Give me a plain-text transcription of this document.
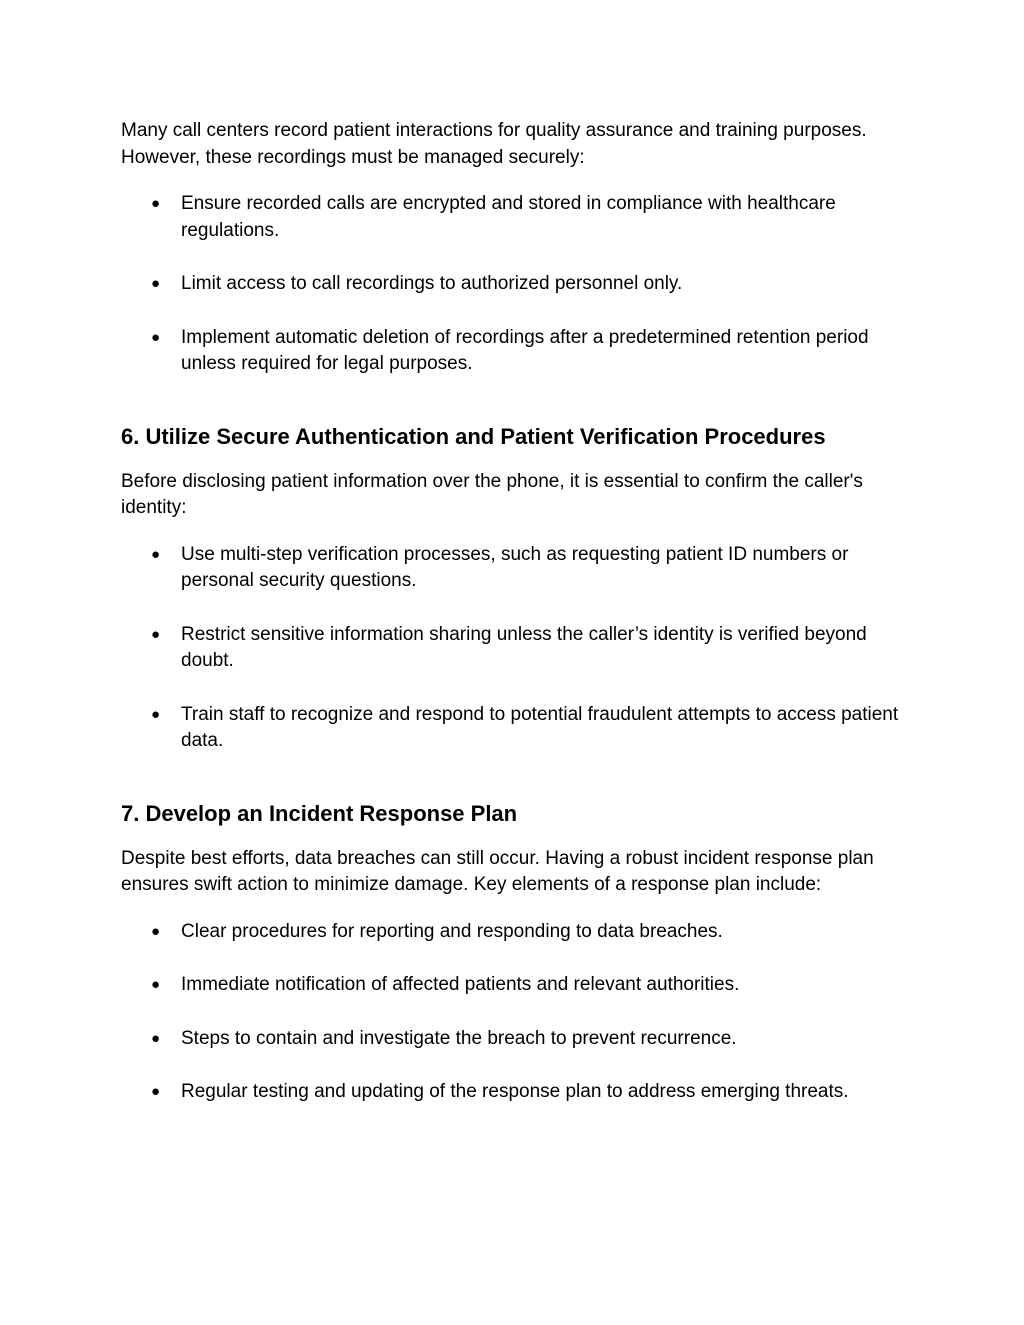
Many call centers record patient interactions for quality assurance and training purposes. However, these recordings must be managed securely:

● Ensure recorded calls are encrypted and stored in compliance with healthcare regulations.
● Limit access to call recordings to authorized personnel only.
● Implement automatic deletion of recordings after a predetermined retention period unless required for legal purposes.
6. Utilize Secure Authentication and Patient Verification Procedures

Before disclosing patient information over the phone, it is essential to confirm the caller's identity:

● Use multi-step verification processes, such as requesting patient ID numbers or personal security questions.
● Restrict sensitive information sharing unless the caller’s identity is verified beyond doubt.
● Train staff to recognize and respond to potential fraudulent attempts to access patient data.
7. Develop an Incident Response Plan

Despite best efforts, data breaches can still occur. Having a robust incident response plan ensures swift action to minimize damage. Key elements of a response plan include:

● Clear procedures for reporting and responding to data breaches.
● Immediate notification of affected patients and relevant authorities.
● Steps to contain and investigate the breach to prevent recurrence.
● Regular testing and updating of the response plan to address emerging threats.
